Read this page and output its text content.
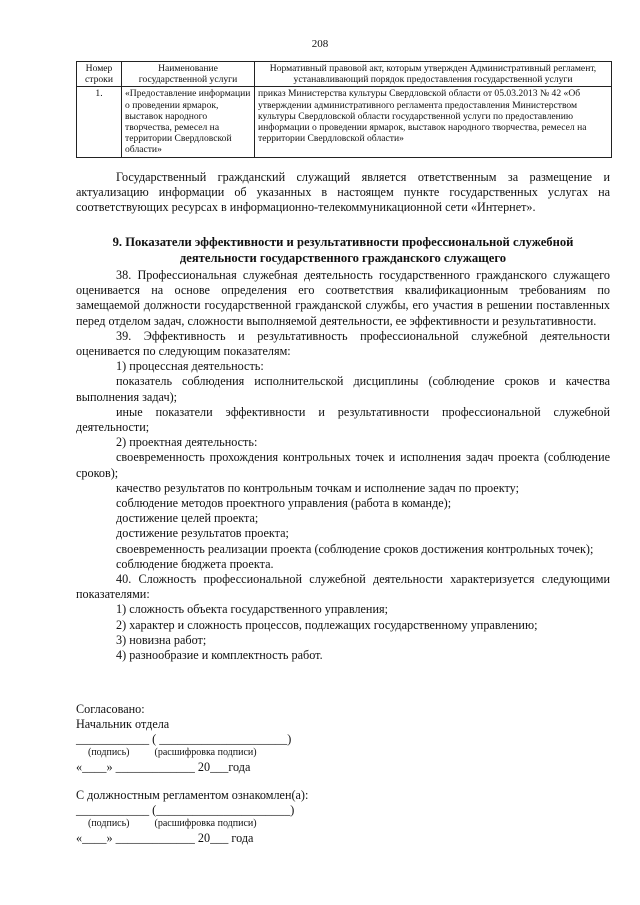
208
Номер строки	Наименование государственной услуги	Нормативный правовой акт, которым утвержден Административный регламент, устанавливающий порядок предоставления государственной услуги
1.	«Предоставление информации о проведении ярмарок, выставок народного творчества, ремесел на территории Свердловской области»	приказ Министерства культуры Свердловской области от 05.03.2013 № 42 «Об утверждении административного регламента предоставления Министерством культуры Свердловской области государственной услуги по предоставлению информации о проведении ярмарок, выставок народного творчества, ремесел на территории Свердловской области»

Государственный гражданский служащий является ответственным за размещение и актуализацию информации об указанных в настоящем пункте государственных услугах на соответствующих ресурсах в информационно-телекоммуникационной сети «Интернет».

9. Показатели эффективности и результативности профессиональной служебной деятельности государственного гражданского служащего

38. Профессиональная служебная деятельность государственного гражданского служащего оценивается на основе определения его соответствия квалификационным требованиям по замещаемой должности государственной гражданской службы, его участия в решении поставленных перед отделом задач, сложности выполняемой деятельности, ее эффективности и результативности.

39. Эффективность и результативность профессиональной служебной деятельности оценивается по следующим показателям:

1) процессная деятельность:

показатель соблюдения исполнительской дисциплины (соблюдение сроков и качества выполнения задач);

иные показатели эффективности и результативности профессиональной служебной деятельности;

2) проектная деятельность:

своевременность прохождения контрольных точек и исполнения задач проекта (соблюдение сроков);

качество результатов по контрольным точкам и исполнение задач по проекту;

соблюдение методов проектного управления (работа в команде);

достижение целей проекта;

достижение результатов проекта;

своевременность реализации проекта (соблюдение сроков достижения контрольных точек);

соблюдение бюджета проекта.

40. Сложность профессиональной служебной деятельности характеризуется следующими показателями:

1) сложность объекта государственного управления;

2) характер и сложность процессов, подлежащих государственному управлению;

3) новизна работ;

4) разнообразие и комплектность работ.

Согласовано:
Начальник отдела
____________ ( _____________________)
(подпись)          (расшифровка подписи)
«____» _____________ 20___года
С должностным регламентом ознакомлен(а):
____________ (______________________)
(подпись)          (расшифровка подписи)
«____» _____________ 20___ года
